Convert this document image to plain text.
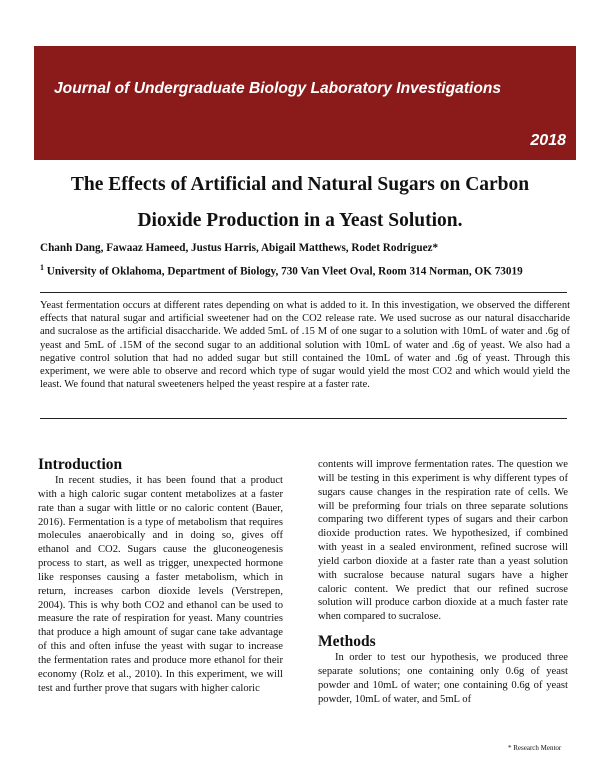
Journal of Undergraduate Biology Laboratory Investigations
2018
The Effects of Artificial and Natural Sugars on Carbon
Dioxide Production in a Yeast Solution.
Chanh Dang, Fawaaz Hameed, Justus Harris, Abigail Matthews, Rodet Rodriguez*
$^1$ University of Oklahoma, Department of Biology, 730 Van Vleet Oval, Room 314 Norman, OK 73019
Yeast fermentation occurs at different rates depending on what is added to it. In this investigation, we observed the different effects that natural sugar and artificial sweetener had on the CO2 release rate. We used sucrose as our natural disaccharide and sucralose as the artificial disaccharide. We added 5mL of .15 M of one sugar to a solution with 10mL of water and .6g of yeast and 5mL of .15M of the second sugar to an additional solution with 10mL of water and .6g of yeast. We also had a negative control solution that had no added sugar but still contained the 10mL of water and .6g of yeast. Through this experiment, we were able to observe and record which type of sugar would yield the most CO2 and which would yield the least. We found that natural sweeteners helped the yeast respire at a faster rate.
Introduction

In recent studies, it has been found that a product with a high caloric sugar content metabolizes at a faster rate than a sugar with little or no caloric content (Bauer, 2016). Fermentation is a type of metabolism that requires molecules anaerobically and in doing so, gives off ethanol and CO2. Sugars cause the gluconeogenesis process to start, as well as trigger, unexpected hormone like responses causing a faster metabolism, which in return, increases carbon dioxide levels (Verstrepen, 2004). This is why both CO2 and ethanol can be used to measure the rate of respiration for yeast. Many countries that produce a high amount of sugar cane take advantage of this and often infuse the yeast with sugar to increase the fermentation rates and produce more ethanol for their economy (Rolz et al., 2010). In this experiment, we will test and further prove that sugars with higher caloric

contents will improve fermentation rates. The question we will be testing in this experiment is why different types of sugars cause changes in the respiration rate of cells. We will be preforming four trials on three separate solutions comparing two different types of sugars and their carbon dioxide production rates. We hypothesized, if combined with yeast in a sealed environment, refined sucrose will yield carbon dioxide at a faster rate than a yeast solution with sucralose because natural sugars have a higher caloric content. We predict that our refined sucrose solution will produce carbon dioxide at a much faster rate when compared to sucralose.

Methods

In order to test our hypothesis, we produced three separate solutions; one containing only 0.6g of yeast powder and 10mL of water; one containing 0.6g of yeast powder, 10mL of water, and 5mL of

* Research Mentor
